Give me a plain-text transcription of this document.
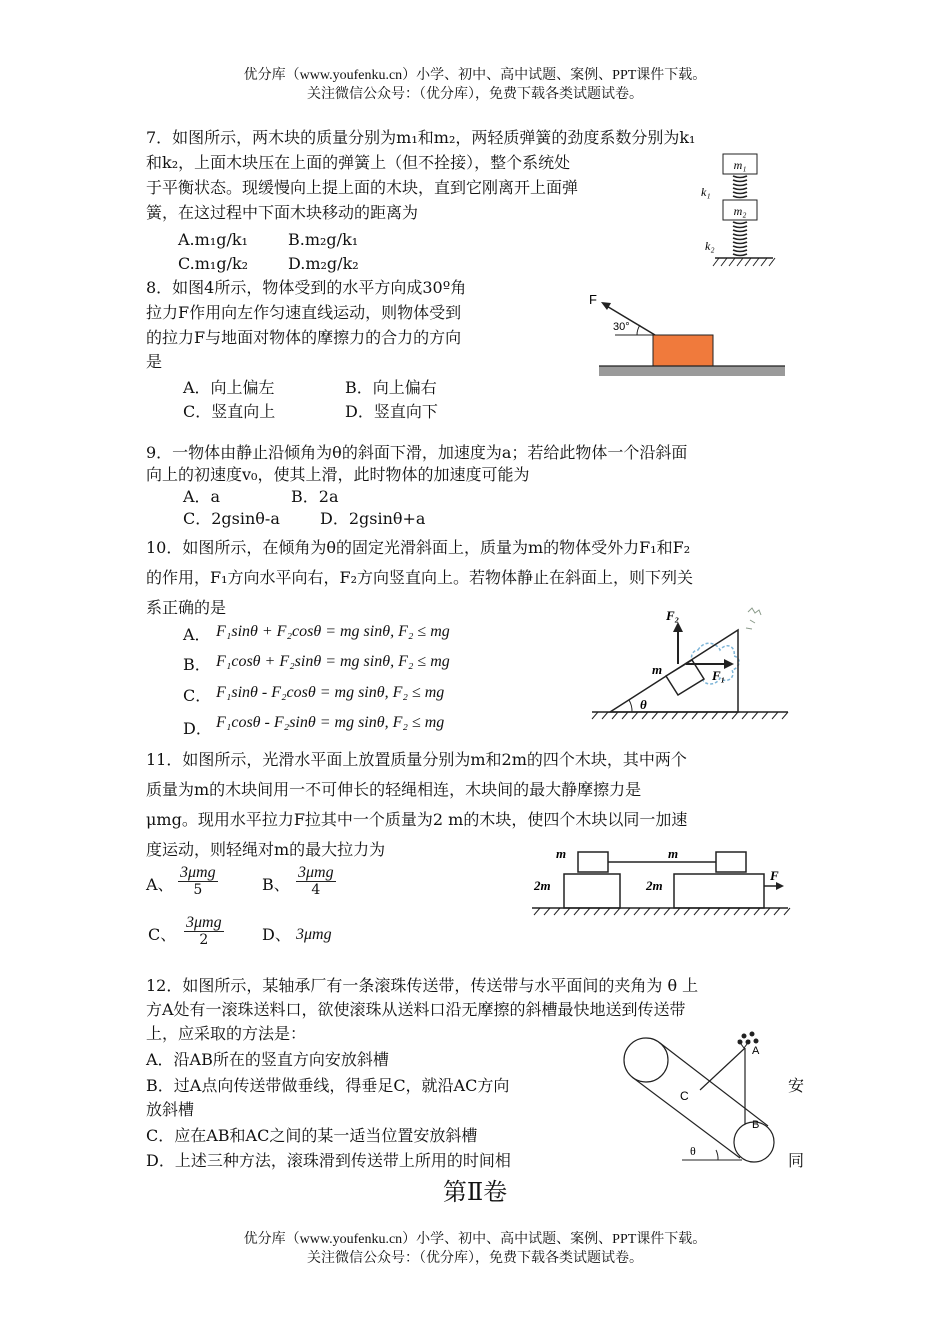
优分库（www.youfenku.cn）小学、初中、高中试题、案例、PPT课件下载。
关注微信公众号：（优分库），免费下载各类试题试卷。
7．如图所示，两木块的质量分别为m₁和m₂，两轻质弹簧的劲度系数分别为k₁
和k₂，上面木块压在上面的弹簧上（但不拴接），整个系统处
于平衡状态。现缓慢向上提上面的木块，直到它刚离开上面弹
簧，在这过程中下面木块移动的距离为
A.m₁g/k₁	B.m₂g/k₁
C.m₁g/k₂ D.m₂g/k₂
m₁
k₁
m₂
k₂
8．如图4所示，物体受到的水平方向成30º角
拉力F作用向左作匀速直线运动，则物体受到
的拉力F与地面对物体的摩擦力的合力的方向
是
A．向上偏左	B．向上偏右
C．竖直向上	D．竖直向下
F
30°
9．一物体由静止沿倾角为θ的斜面下滑，加速度为a；若给此物体一个沿斜面
向上的初速度v₀，使其上滑，此时物体的加速度可能为
A．a	B．2a
C．2gsinθ-a	D．2gsinθ+a
10．如图所示，在倾角为θ的固定光滑斜面上，质量为m的物体受外力F₁和F₂
的作用，F₁方向水平向右，F₂方向竖直向上。若物体静止在斜面上，则下列关
系正确的是
A． F₁sinθ + F₂cosθ = mg sinθ, F₂ ≤ mg
B． F₁cosθ + F₂sinθ = mg sinθ, F₂ ≤ mg
C． F₁sinθ - F₂cosθ = mg sinθ, F₂ ≤ mg
D． F₁cosθ - F₂sinθ = mg sinθ, F₂ ≤ mg
θ
m
F₂
F₁
11．如图所示，光滑水平面上放置质量分别为m和2m的四个木块，其中两个
质量为m的木块间用一不可伸长的轻绳相连，木块间的最大静摩擦力是
μmg。现用水平拉力F拉其中一个质量为2 m的木块，使四个木块以同一加速
度运动，则轻绳对m的最大拉力为
A、
3μmg
5	B、
3μmg
4
C、
3μmg
2	D、 3μmg
m	m
2m	2m
F
12．如图所示，某轴承厂有一条滚珠传送带，传送带与水平面间的夹角为 θ 上
方A处有一滚珠送料口，欲使滚珠从送料口沿无摩擦的斜槽最快地送到传送带
上，应采取的方法是：
A．沿AB所在的竖直方向安放斜槽
B．过A点向传送带做垂线，得垂足C，就沿AC方向	安
放斜槽
C．应在AB和AC之间的某一适当位置安放斜槽
D．上述三种方法，滚珠滑到传送带上所用的时间相	同
A
B
C
θ
第Ⅱ卷
优分库（www.youfenku.cn）小学、初中、高中试题、案例、PPT课件下载。
关注微信公众号：（优分库），免费下载各类试题试卷。
